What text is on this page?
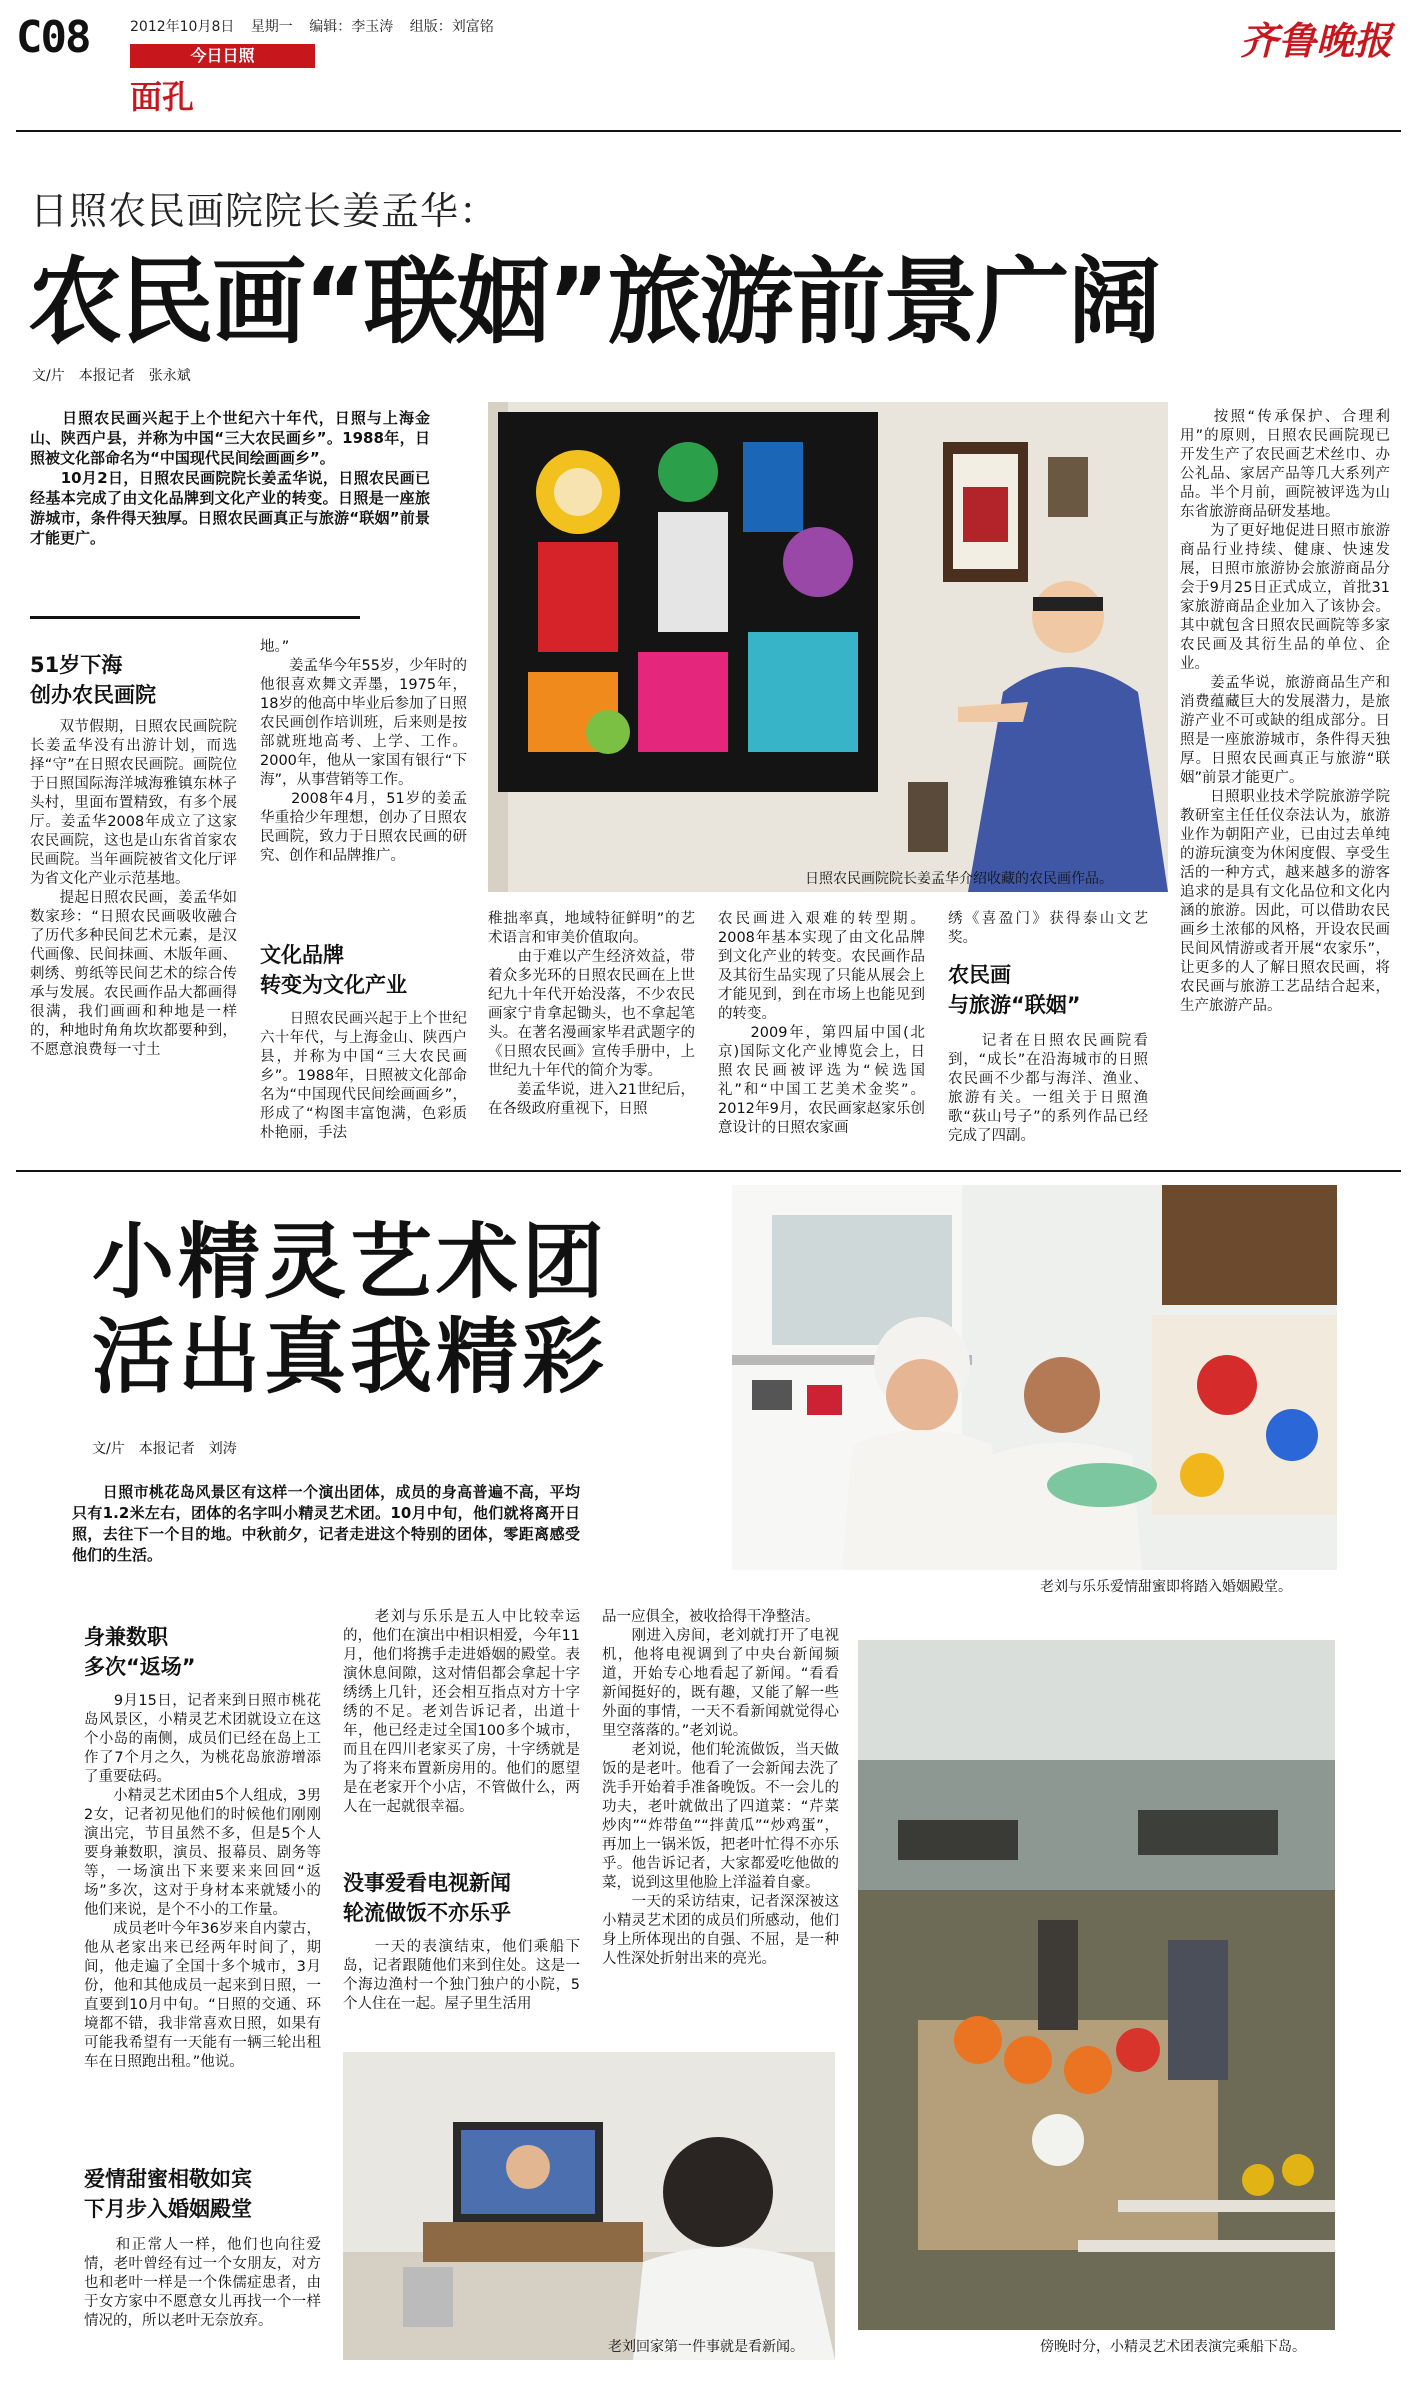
C08	2012年10月8日 星期一 编辑：李玉涛 组版：刘富铭
今日日照
面孔
齐鲁晚报
日照农民画院院长姜孟华：
农民画“联姻”旅游前景广阔
文/片　本报记者　张永斌
　　日照农民画兴起于上个世纪六十年代，日照与上海金山、陕西户县，并称为中国“三大农民画乡”。1988年，日照被文化部命名为“中国现代民间绘画画乡”。
　　10月2日，日照农民画院院长姜孟华说，日照农民画已经基本完成了由文化品牌到文化产业的转变。日照是一座旅游城市，条件得天独厚。日照农民画真正与旅游“联姻”前景才能更广。
51岁下海
创办农民画院
　　双节假期，日照农民画院院长姜孟华没有出游计划，而选择“守”在日照农民画院。画院位于日照国际海洋城海雅镇东林子头村，里面布置精致，有多个展厅。姜孟华2008年成立了这家农民画院，这也是山东省首家农民画院。当年画院被省文化厅评为省文化产业示范基地。
　　提起日照农民画，姜孟华如数家珍：“日照农民画吸收融合了历代多种民间艺术元素，是汉代画像、民间抹画、木版年画、刺绣、剪纸等民间艺术的综合传承与发展。农民画作品大都画得很满，我们画画和种地是一样的，种地时角角坎坎都要种到，不愿意浪费每一寸土
地。”
　　姜孟华今年55岁，少年时的他很喜欢舞文弄墨，1975年，18岁的他高中毕业后参加了日照农民画创作培训班，后来则是按部就班地高考、上学、工作。2000年，他从一家国有银行“下海”，从事营销等工作。
　　2008年4月，51岁的姜孟华重拾少年理想，创办了日照农民画院，致力于日照农民画的研究、创作和品牌推广。
文化品牌
转变为文化产业
　　日照农民画兴起于上个世纪六十年代，与上海金山、陕西户县，并称为中国“三大农民画乡”。1988年，日照被文化部命名为“中国现代民间绘画画乡”，形成了“构图丰富饱满，色彩质朴艳丽，手法
稚拙率真，地域特征鲜明”的艺术语言和审美价值取向。
　　由于难以产生经济效益，带着众多光环的日照农民画在上世纪九十年代开始没落，不少农民画家宁肯拿起锄头，也不拿起笔头。在著名漫画家毕君武题字的《日照农民画》宣传手册中，上世纪九十年代的简介为零。
　　姜孟华说，进入21世纪后，在各级政府重视下，日照
农民画进入艰难的转型期。2008年基本实现了由文化品牌到文化产业的转变。农民画作品及其衍生品实现了只能从展会上才能见到，到在市场上也能见到的转变。
　　2009年，第四届中国(北京)国际文化产业博览会上，日照农民画被评选为“候选国礼”和“中国工艺美术金奖”。2012年9月，农民画家赵家乐创意设计的日照农家画
绣《喜盈门》获得泰山文艺奖。
农民画
与旅游“联姻”
　　记者在日照农民画院看到，“成长”在沿海城市的日照农民画不少都与海洋、渔业、旅游有关。一组关于日照渔歌“荻山号子”的系列作品已经完成了四副。
　　按照“传承保护、合理利用”的原则，日照农民画院现已开发生产了农民画艺术丝巾、办公礼品、家居产品等几大系列产品。半个月前，画院被评选为山东省旅游商品研发基地。
　　为了更好地促进日照市旅游商品行业持续、健康、快速发展，日照市旅游协会旅游商品分会于9月25日正式成立，首批31家旅游商品企业加入了该协会。其中就包含日照农民画院等多家农民画及其衍生品的单位、企业。
　　姜孟华说，旅游商品生产和消费蕴藏巨大的发展潜力，是旅游产业不可或缺的组成部分。日照是一座旅游城市，条件得天独厚。日照农民画真正与旅游“联姻”前景才能更广。
　　日照职业技术学院旅游学院教研室主任任仪奈法认为，旅游业作为朝阳产业，已由过去单纯的游玩演变为休闲度假、享受生活的一种方式，越来越多的游客追求的是具有文化品位和文化内涵的旅游。因此，可以借助农民画乡土浓郁的风格，开设农民画民间风情游或者开展“农家乐”，让更多的人了解日照农民画，将农民画与旅游工艺品结合起来，生产旅游产品。
日照农民画院院长姜孟华介绍收藏的农民画作品。
小精灵艺术团
活出真我精彩
文/片　本报记者　刘涛
　　日照市桃花岛风景区有这样一个演出团体，成员的身高普遍不高，平均只有1.2米左右，团体的名字叫小精灵艺术团。10月中旬，他们就将离开日照，去往下一个目的地。中秋前夕，记者走进这个特别的团体，零距离感受他们的生活。
老刘与乐乐爱情甜蜜即将踏入婚姻殿堂。
身兼数职
多次“返场”
　　9月15日，记者来到日照市桃花岛风景区，小精灵艺术团就设立在这个小岛的南侧，成员们已经在岛上工作了7个月之久，为桃花岛旅游增添了重要砝码。
　　小精灵艺术团由5个人组成，3男2女，记者初见他们的时候他们刚刚演出完，节目虽然不多，但是5个人要身兼数职，演员、报幕员、剧务等等，一场演出下来要来来回回“返场”多次，这对于身材本来就矮小的他们来说，是个不小的工作量。
　　成员老叶今年36岁来自内蒙古，他从老家出来已经两年时间了，期间，他走遍了全国十多个城市，3月份，他和其他成员一起来到日照，一直要到10月中旬。“日照的交通、环境都不错，我非常喜欢日照，如果有可能我希望有一天能有一辆三轮出租车在日照跑出租。”他说。
爱情甜蜜相敬如宾
下月步入婚姻殿堂
　　和正常人一样，他们也向往爱情，老叶曾经有过一个女朋友，对方也和老叶一样是一个侏儒症患者，由于女方家中不愿意女儿再找一个一样情况的，所以老叶无奈放弃。
　　老刘与乐乐是五人中比较幸运的，他们在演出中相识相爱，今年11月，他们将携手走进婚姻的殿堂。表演休息间隙，这对情侣都会拿起十字绣绣上几针，还会相互指点对方十字绣的不足。老刘告诉记者，出道十年，他已经走过全国100多个城市，而且在四川老家买了房，十字绣就是为了将来布置新房用的。他们的愿望是在老家开个小店，不管做什么，两人在一起就很幸福。
没事爱看电视新闻
轮流做饭不亦乐乎
　　一天的表演结束，他们乘船下岛，记者跟随他们来到住处。这是一个海边渔村一个独门独户的小院，5个人住在一起。屋子里生活用
品一应俱全，被收拾得干净整洁。
　　刚进入房间，老刘就打开了电视机，他将电视调到了中央台新闻频道，开始专心地看起了新闻。“看看新闻挺好的，既有趣，又能了解一些外面的事情，一天不看新闻就觉得心里空落落的。”老刘说。
　　老刘说，他们轮流做饭，当天做饭的是老叶。他看了一会新闻去洗了洗手开始着手准备晚饭。不一会儿的功夫，老叶就做出了四道菜：“芹菜炒肉”“炸带鱼”“拌黄瓜”“炒鸡蛋”，再加上一锅米饭，把老叶忙得不亦乐乎。他告诉记者，大家都爱吃他做的菜，说到这里他脸上洋溢着自豪。
　　一天的采访结束，记者深深被这小精灵艺术团的成员们所感动，他们身上所体现出的自强、不屈，是一种人性深处折射出来的亮光。
老刘回家第一件事就是看新闻。	傍晚时分，小精灵艺术团表演完乘船下岛。
